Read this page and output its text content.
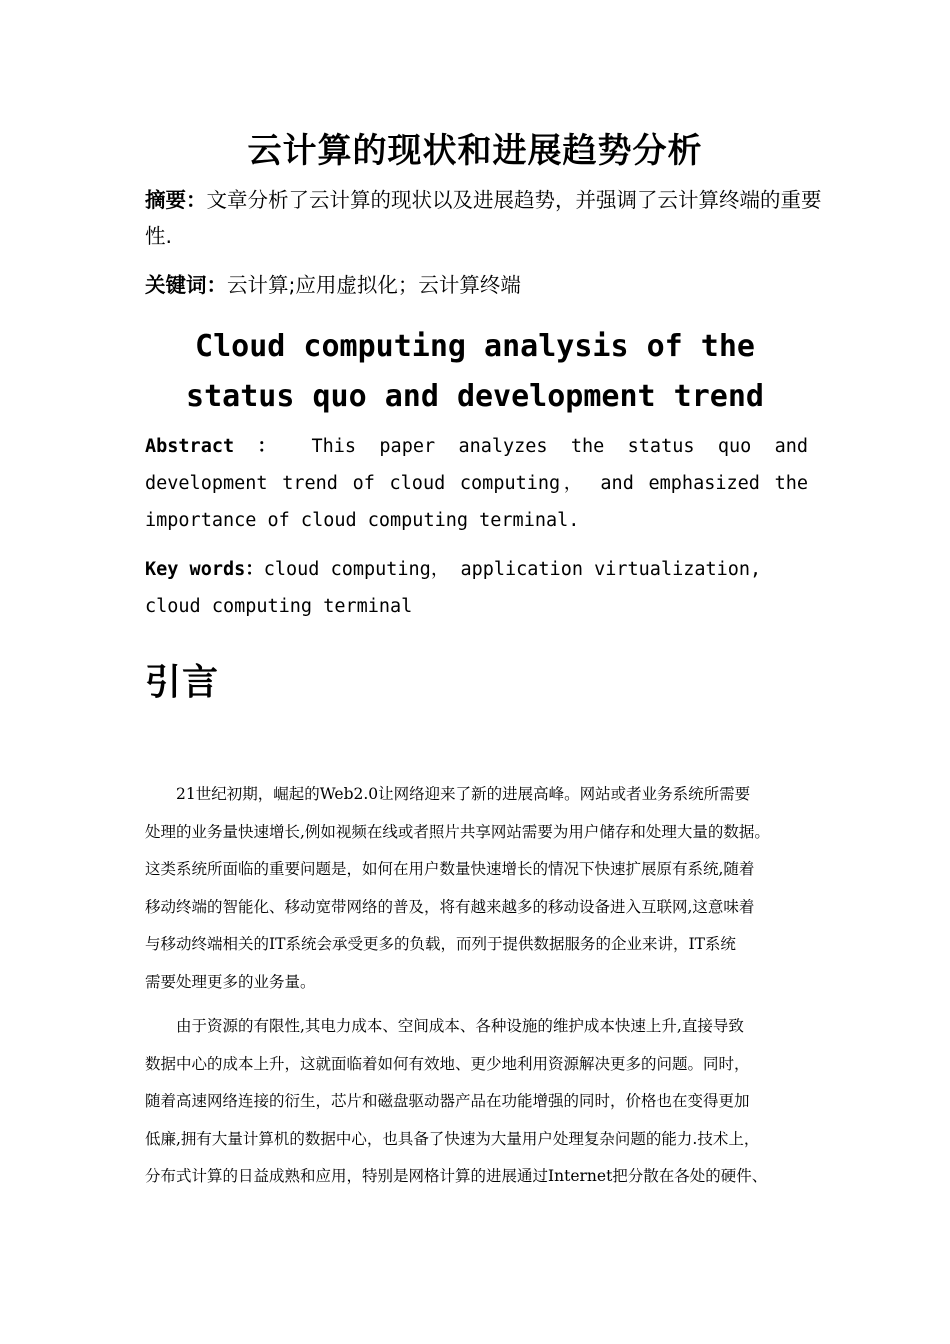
云计算的现状和进展趋势分析
摘要：文章分析了云计算的现状以及进展趋势，并强调了云计算终端的重要性.
关键词：云计算;应用虚拟化；云计算终端
Cloud computing analysis of the
status quo and development trend
Abstract ： This paper analyzes the status quo and
development trend of cloud computing， and emphasized the importance of cloud computing terminal.
Key words：cloud computing， application virtualization,
cloud computing terminal
引言
21世纪初期，崛起的Web2.0让网络迎来了新的进展高峰。网站或者业务系统所需要
处理的业务量快速增长,例如视频在线或者照片共享网站需要为用户储存和处理大量的数据。
这类系统所面临的重要问题是，如何在用户数量快速增长的情况下快速扩展原有系统,随着
移动终端的智能化、移动宽带网络的普及，将有越来越多的移动设备进入互联网,这意味着
与移动终端相关的IT系统会承受更多的负载，而列于提供数据服务的企业来讲，IT系统
需要处理更多的业务量。
由于资源的有限性,其电力成本、空间成本、各种设施的维护成本快速上升,直接导致
数据中心的成本上升，这就面临着如何有效地、更少地利用资源解决更多的问题。同时，
随着高速网络连接的衍生，芯片和磁盘驱动器产品在功能增强的同时，价格也在变得更加
低廉,拥有大量计算机的数据中心，也具备了快速为大量用户处理复杂问题的能力.技术上，
分布式计算的日益成熟和应用，特别是网格计算的进展通过Internet把分散在各处的硬件、
